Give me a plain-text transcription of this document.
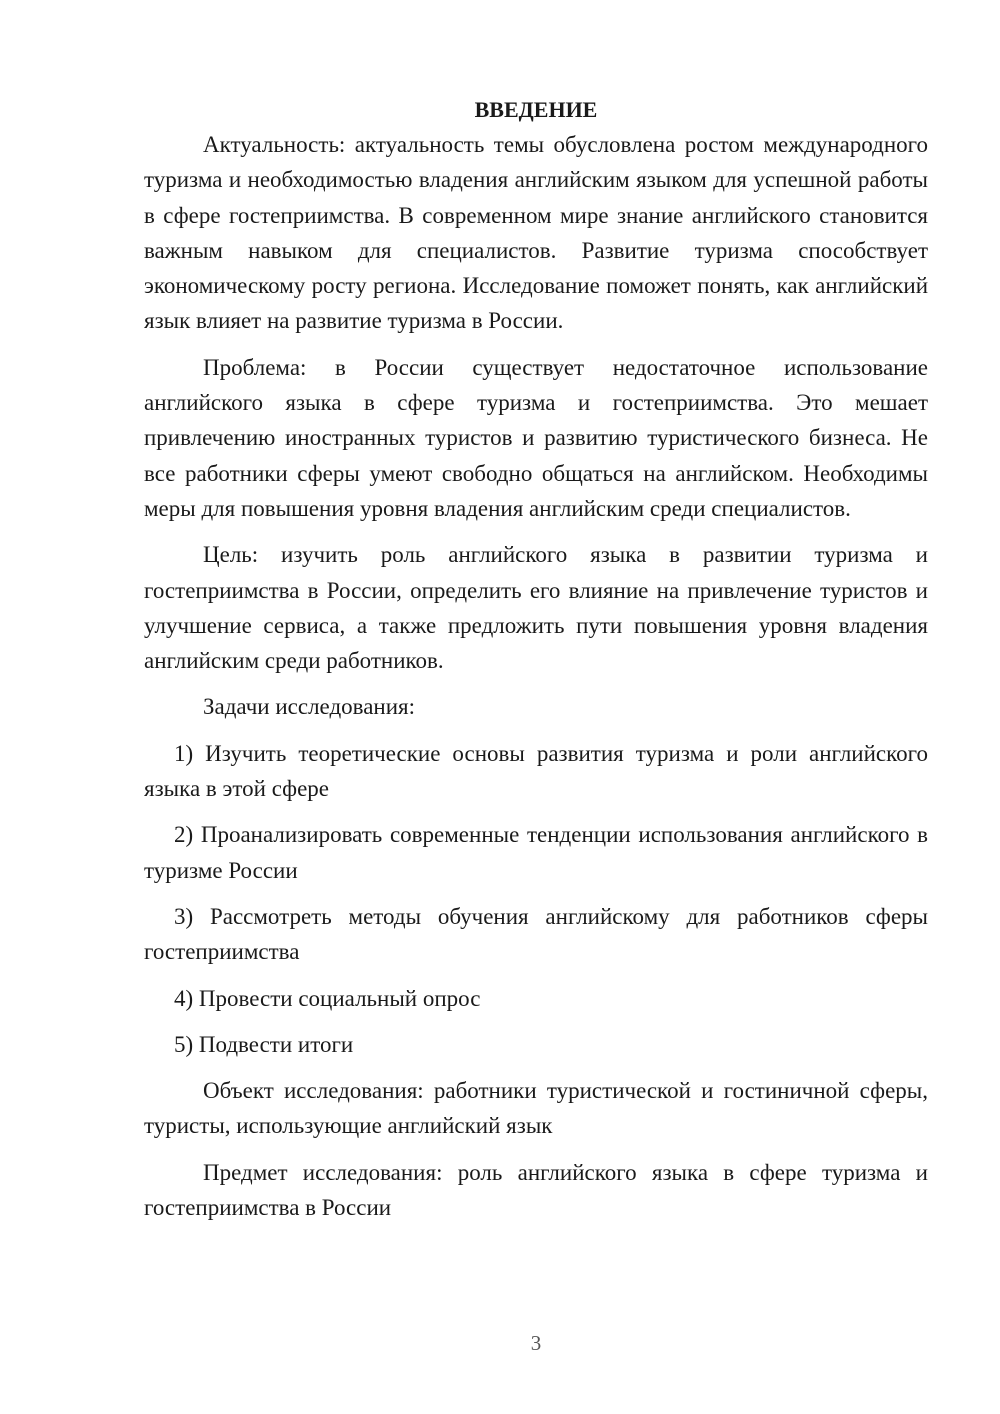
ВВЕДЕНИЕ

Актуальность: актуальность темы обусловлена ростом международного туризма и необходимостью владения английским языком для успешной работы в сфере гостеприимства. В современном мире знание английского становится важным навыком для специалистов. Развитие туризма способствует экономическому росту региона. Исследование поможет понять, как английский язык влияет на развитие туризма в России.

Проблема: в России существует недостаточное использование английского языка в сфере туризма и гостеприимства. Это мешает привлечению иностранных туристов и развитию туристического бизнеса. Не все работники сферы умеют свободно общаться на английском. Необходимы меры для повышения уровня владения английским среди специалистов.

Цель: изучить роль английского языка в развитии туризма и гостеприимства в России, определить его влияние на привлечение туристов и улучшение сервиса, а также предложить пути повышения уровня владения английским среди работников.

Задачи исследования:

1) Изучить теоретические основы развития туризма и роли английского языка в этой сфере

2) Проанализировать современные тенденции использования английского в туризме России

3) Рассмотреть методы обучения английскому для работников сферы гостеприимства

4) Провести социальный опрос

5) Подвести итоги

Объект исследования: работники туристической и гостиничной сферы, туристы, использующие английский язык

Предмет исследования: роль английского языка в сфере туризма и гостеприимства в России

3
